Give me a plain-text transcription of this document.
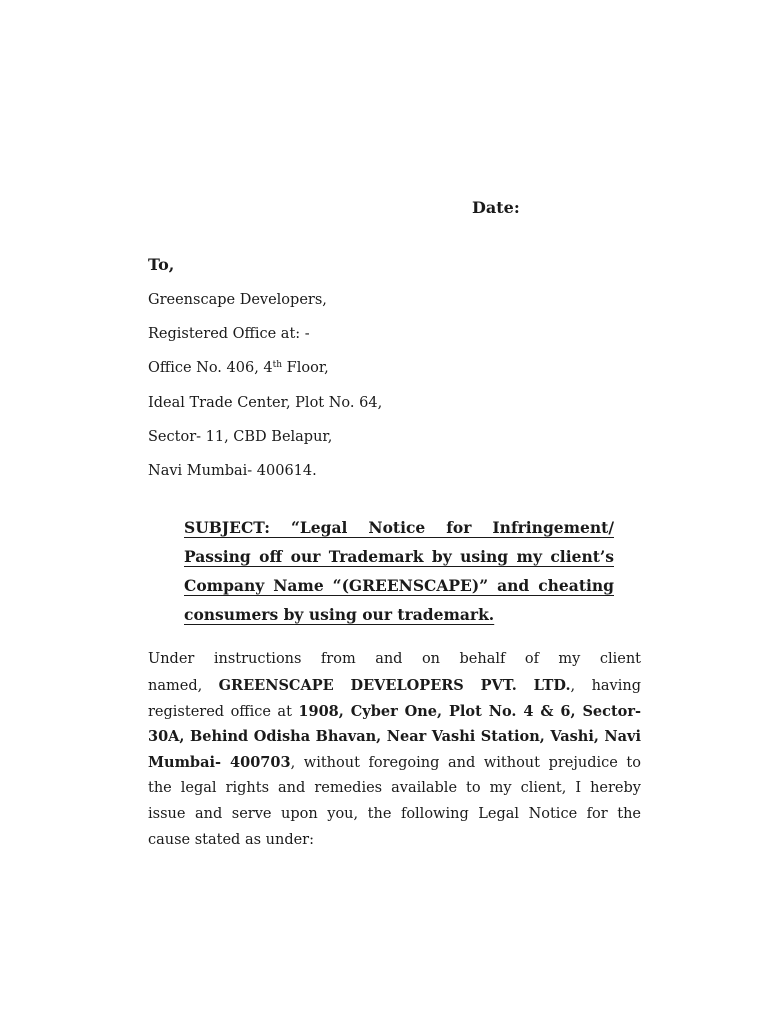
Date:
To,
Greenscape Developers,
Registered Office at: -
Office No. 406, 4th Floor,
Ideal Trade Center, Plot No. 64,
Sector- 11, CBD Belapur,
Navi Mumbai- 400614.
SUBJECT: “Legal Notice for Infringement/
Passing off our Trademark by using my client’s
Company Name “(GREENSCAPE)” and cheating
consumers by using our trademark.
Under instructions from and on behalf of my client
named, GREENSCAPE DEVELOPERS PVT. LTD., having
registered office at 1908, Cyber One, Plot No. 4 & 6, Sector-
30A, Behind Odisha Bhavan, Near Vashi Station, Vashi, Navi
Mumbai- 400703, without foregoing and without prejudice to
the legal rights and remedies available to my client, I hereby
issue and serve upon you, the following Legal Notice for the
cause stated as under:
